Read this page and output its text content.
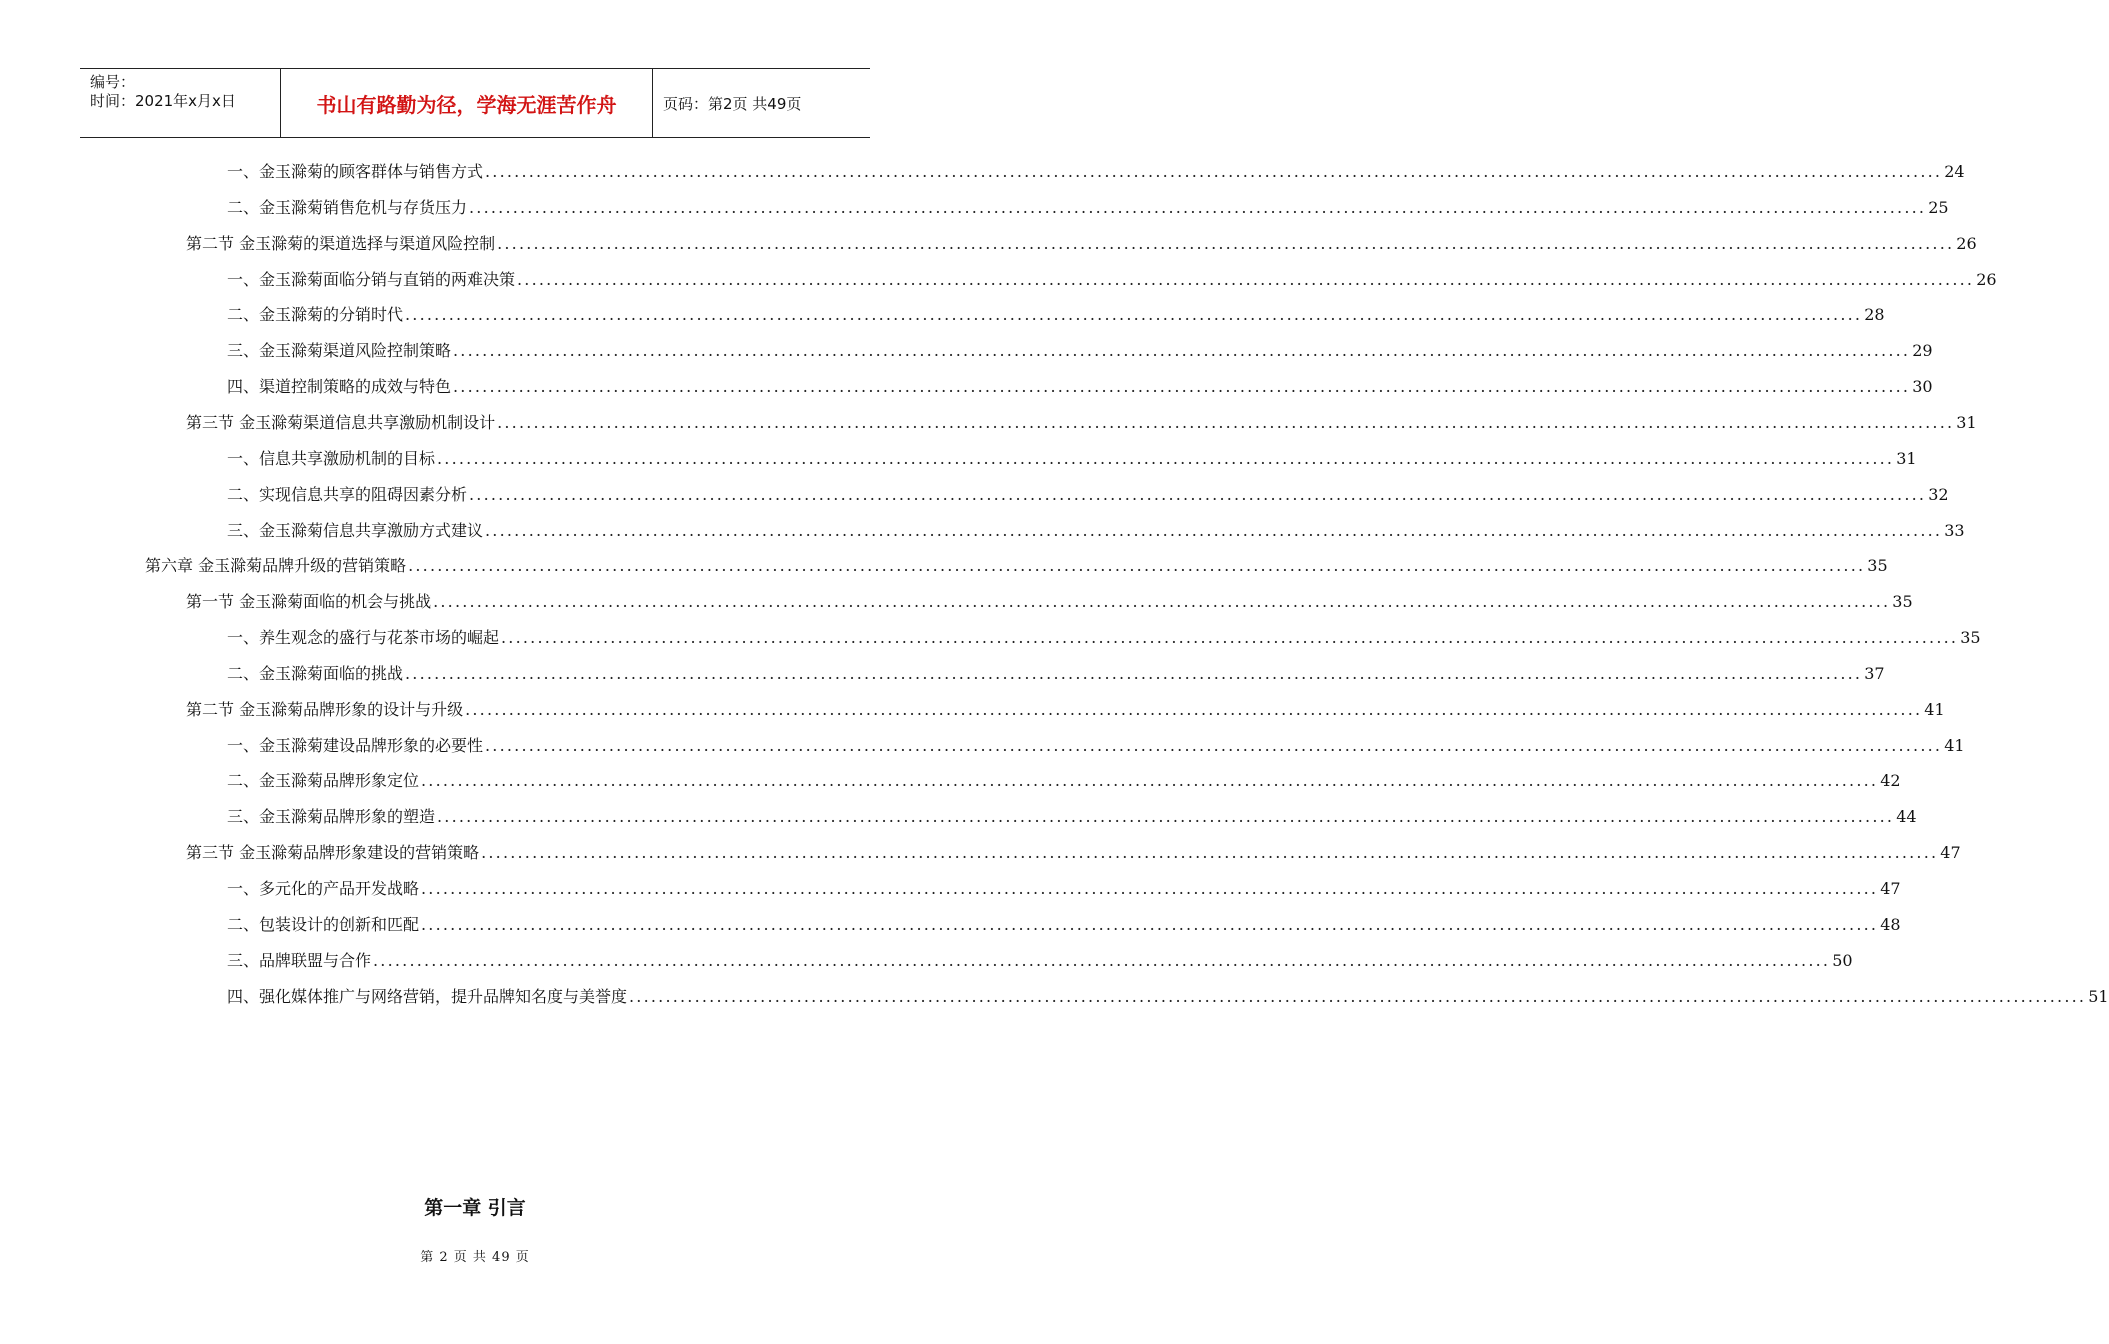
编号：
时间：2021年x月x日	书山有路勤为径，学海无涯苦作舟	页码：第2页 共49页
一、金玉滁菊的顾客群体与销售方式 ........................................................................................................................................................................................................ 24
二、金玉滁菊销售危机与存货压力 ........................................................................................................................................................................................................ 25
第二节 金玉滁菊的渠道选择与渠道风险控制 ........................................................................................................................................................................................................ 26
一、金玉滁菊面临分销与直销的两难决策 ........................................................................................................................................................................................................ 26
二、金玉滁菊的分销时代 ........................................................................................................................................................................................................ 28
三、金玉滁菊渠道风险控制策略 ........................................................................................................................................................................................................ 29
四、渠道控制策略的成效与特色 ........................................................................................................................................................................................................ 30
第三节 金玉滁菊渠道信息共享激励机制设计 ........................................................................................................................................................................................................ 31
一、信息共享激励机制的目标 ........................................................................................................................................................................................................ 31
二、实现信息共享的阻碍因素分析 ........................................................................................................................................................................................................ 32
三、金玉滁菊信息共享激励方式建议 ........................................................................................................................................................................................................ 33
第六章 金玉滁菊品牌升级的营销策略 ........................................................................................................................................................................................................ 35
第一节 金玉滁菊面临的机会与挑战 ........................................................................................................................................................................................................ 35
一、养生观念的盛行与花茶市场的崛起 ........................................................................................................................................................................................................ 35
二、金玉滁菊面临的挑战 ........................................................................................................................................................................................................ 37
第二节 金玉滁菊品牌形象的设计与升级 ........................................................................................................................................................................................................ 41
一、金玉滁菊建设品牌形象的必要性 ........................................................................................................................................................................................................ 41
二、金玉滁菊品牌形象定位 ........................................................................................................................................................................................................ 42
三、金玉滁菊品牌形象的塑造 ........................................................................................................................................................................................................ 44
第三节 金玉滁菊品牌形象建设的营销策略 ........................................................................................................................................................................................................ 47
一、多元化的产品开发战略 ........................................................................................................................................................................................................ 47
二、包装设计的创新和匹配 ........................................................................................................................................................................................................ 48
三、品牌联盟与合作 ........................................................................................................................................................................................................ 50
四、强化媒体推广与网络营销，提升品牌知名度与美誉度 ........................................................................................................................................................................................................ 51
第一章 引言
第 2 页 共 49 页
